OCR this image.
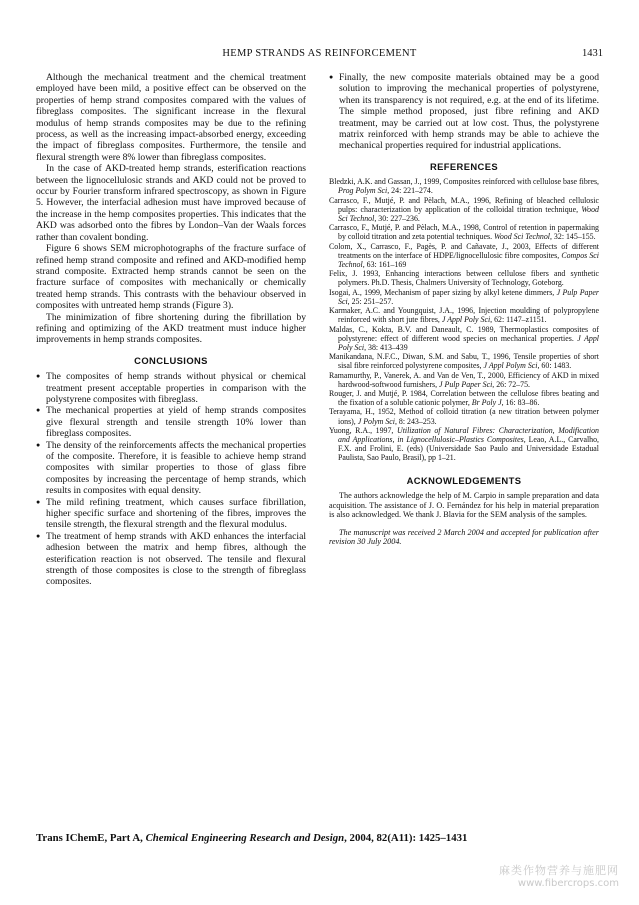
HEMP STRANDS AS REINFORCEMENT	1431

Although the mechanical treatment and the chemical treatment employed have been mild, a positive effect can be observed on the properties of hemp strand composites compared with the values of fibreglass composites. The significant increase in the flexural modulus of hemp strands composites may be due to the refining process, as well as the increasing impact-absorbed energy, exceeding the impact of fibreglass composites. Furthermore, the tensile and flexural strength were 8% lower than fibreglass composites.

In the case of AKD-treated hemp strands, esterification reactions between the lignocellulosic strands and AKD could not be proved to occur by Fourier transform infrared spectroscopy, as shown in Figure 5. However, the interfacial adhesion must have improved because of the increase in the hemp composites properties. This indicates that the AKD was adsorbed onto the fibres by London–Van der Waals forces rather than covalent bonding.

Figure 6 shows SEM microphotographs of the fracture surface of refined hemp strand composite and refined and AKD-modified hemp strand composite. Extracted hemp strands cannot be seen on the fracture surface of composites with mechanically or chemically treated hemp strands. This contrasts with the behaviour observed in composites with untreated hemp strands (Figure 3).

The minimization of fibre shortening during the fibrillation by refining and optimizing of the AKD treatment must induce higher improvements in hemp strands composites.

CONCLUSIONS
● The composites of hemp strands without physical or chemical treatment present acceptable properties in comparison with the polystyrene composites with fibreglass.
● The mechanical properties at yield of hemp strands composites give flexural strength and tensile strength 10% lower than fibreglass composites.
● The density of the reinforcements affects the mechanical properties of the composite. Therefore, it is feasible to achieve hemp strand composites with similar properties to those of glass fibre composites by increasing the percentage of hemp strands, which results in composites with equal density.
● The mild refining treatment, which causes surface fibrillation, higher specific surface and shortening of the fibres, improves the tensile strength, the flexural strength and the flexural modulus.
● The treatment of hemp strands with AKD enhances the interfacial adhesion between the matrix and hemp fibres, although the esterification reaction is not observed. The tensile and flexural strength of those composites is close to the strength of fibreglass composites.
● Finally, the new composite materials obtained may be a good solution to improving the mechanical properties of polystyrene, when its transparency is not required, e.g. at the end of its lifetime. The simple method proposed, just fibre refining and AKD treatment, may be carried out at low cost. Thus, the polystyrene matrix reinforced with hemp strands may be able to achieve the mechanical properties required for industrial applications.
REFERENCES
Bledzki, A.K. and Gassan, J., 1999, Composites reinforced with cellulose base fibres, Prog Polym Sci, 24: 221–274.
Carrasco, F., Mutjé, P. and Pèlach, M.A., 1996, Refining of bleached cellulosic pulps: characterization by application of the colloidal titration technique, Wood Sci Technol, 30: 227–236.
Carrasco, F., Mutjé, P. and Pèlach, M.A., 1998, Control of retention in papermaking by colloid titration and zeta potential techniques. Wood Sci Technol, 32: 145–155.
Colom, X., Carrasco, F., Pagès, P. and Cañavate, J., 2003, Effects of different treatments on the interface of HDPE/lignocellulosic fibre composites, Compos Sci Technol, 63: 161–169
Felix, J. 1993, Enhancing interactions between cellulose fibers and synthetic polymers. Ph.D. Thesis, Chalmers University of Technology, Goteborg.
Isogai, A., 1999, Mechanism of paper sizing by alkyl ketene dimmers, J Pulp Paper Sci, 25: 251–257.
Karmaker, A.C. and Youngquist, J.A., 1996, Injection moulding of polypropylene reinforced with short jute fibres, J Appl Poly Sci, 62: 1147–z1151.
Maldas, C., Kokta, B.V. and Daneault, C. 1989, Thermoplastics composites of polystyrene: effect of different wood species on mechanical properties. J Appl Poly Sci, 38: 413–439
Manikandana, N.F.C., Diwan, S.M. and Sabu, T., 1996, Tensile properties of short sisal fibre reinforced polystyrene composites, J Appl Polym Sci, 60: 1483.
Ramamurthy, P., Vanerek, A. and Van de Ven, T., 2000, Efficiency of AKD in mixed hardwood-softwood furnishers, J Pulp Paper Sci, 26: 72–75.
Rouger, J. and Mutjé, P. 1984, Correlation between the cellulose fibres beating and the fixation of a soluble cationic polymer, Br Poly J, 16: 83–86.
Terayama, H., 1952, Method of colloid titration (a new titration between polymer ions), J Polym Sci, 8: 243–253.
Yuong, R.A., 1997, Utilization of Natural Fibres: Characterization, Modification and Applications, in Lignocellulosic–Plastics Composites, Leao, A.L., Carvalho, F.X. and Frolini, E. (eds) (Universidade Sao Paulo and Universidade Estadual Paulista, Sao Paulo, Brasil), pp 1–21.
ACKNOWLEDGEMENTS
The authors acknowledge the help of M. Carpio in sample preparation and data acquisition. The assistance of J. O. Fernández for his help in material preparation is also acknowledged. We thank J. Blavia for the SEM analysis of the samples.
The manuscript was received 2 March 2004 and accepted for publication after revision 30 July 2004.
Trans IChemE, Part A, Chemical Engineering Research and Design, 2004, 82(A11): 1425–1431
麻类作物营养与施肥网
www.fibercrops.com
